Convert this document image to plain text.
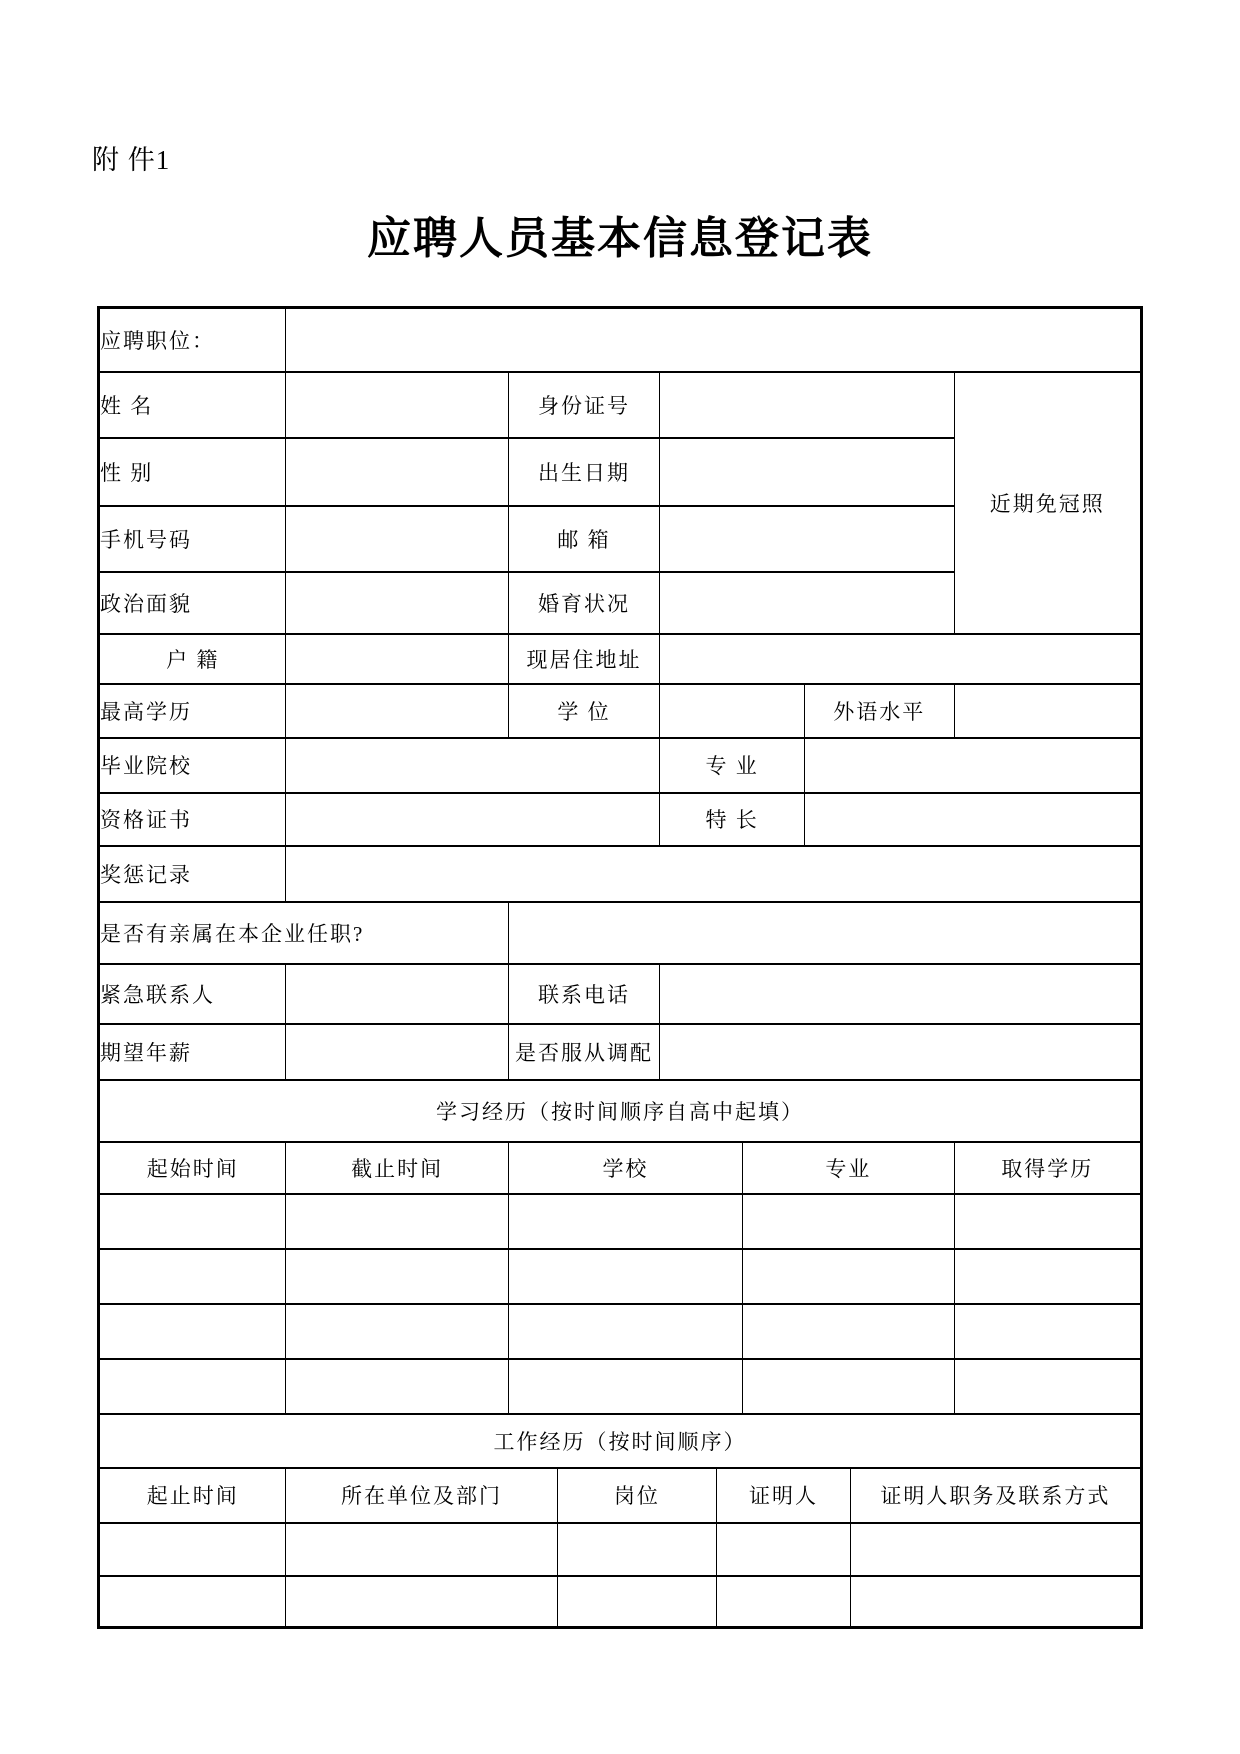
附 件1
应聘人员基本信息登记表
应聘职位：									
姓 名		身份证号							近期免冠照
性 别		出生日期							
手机号码		邮 箱							
政治面貌		婚育状况							
户 籍		现居住地址							
最高学历		学 位					外语水平		
毕业院校				专 业					
资格证书				特 长					
奖惩记录									
是否有亲属在本企业任职?									
紧急联系人		联系电话							
期望年薪		是否服从调配							
学习经历（按时间顺序自高中起填）									
起始时间	截止时间	学校				专业			取得学历

工作经历（按时间顺序）									
起止时间	所在单位及部门		岗位		证明人			证明人职务及联系方式	
